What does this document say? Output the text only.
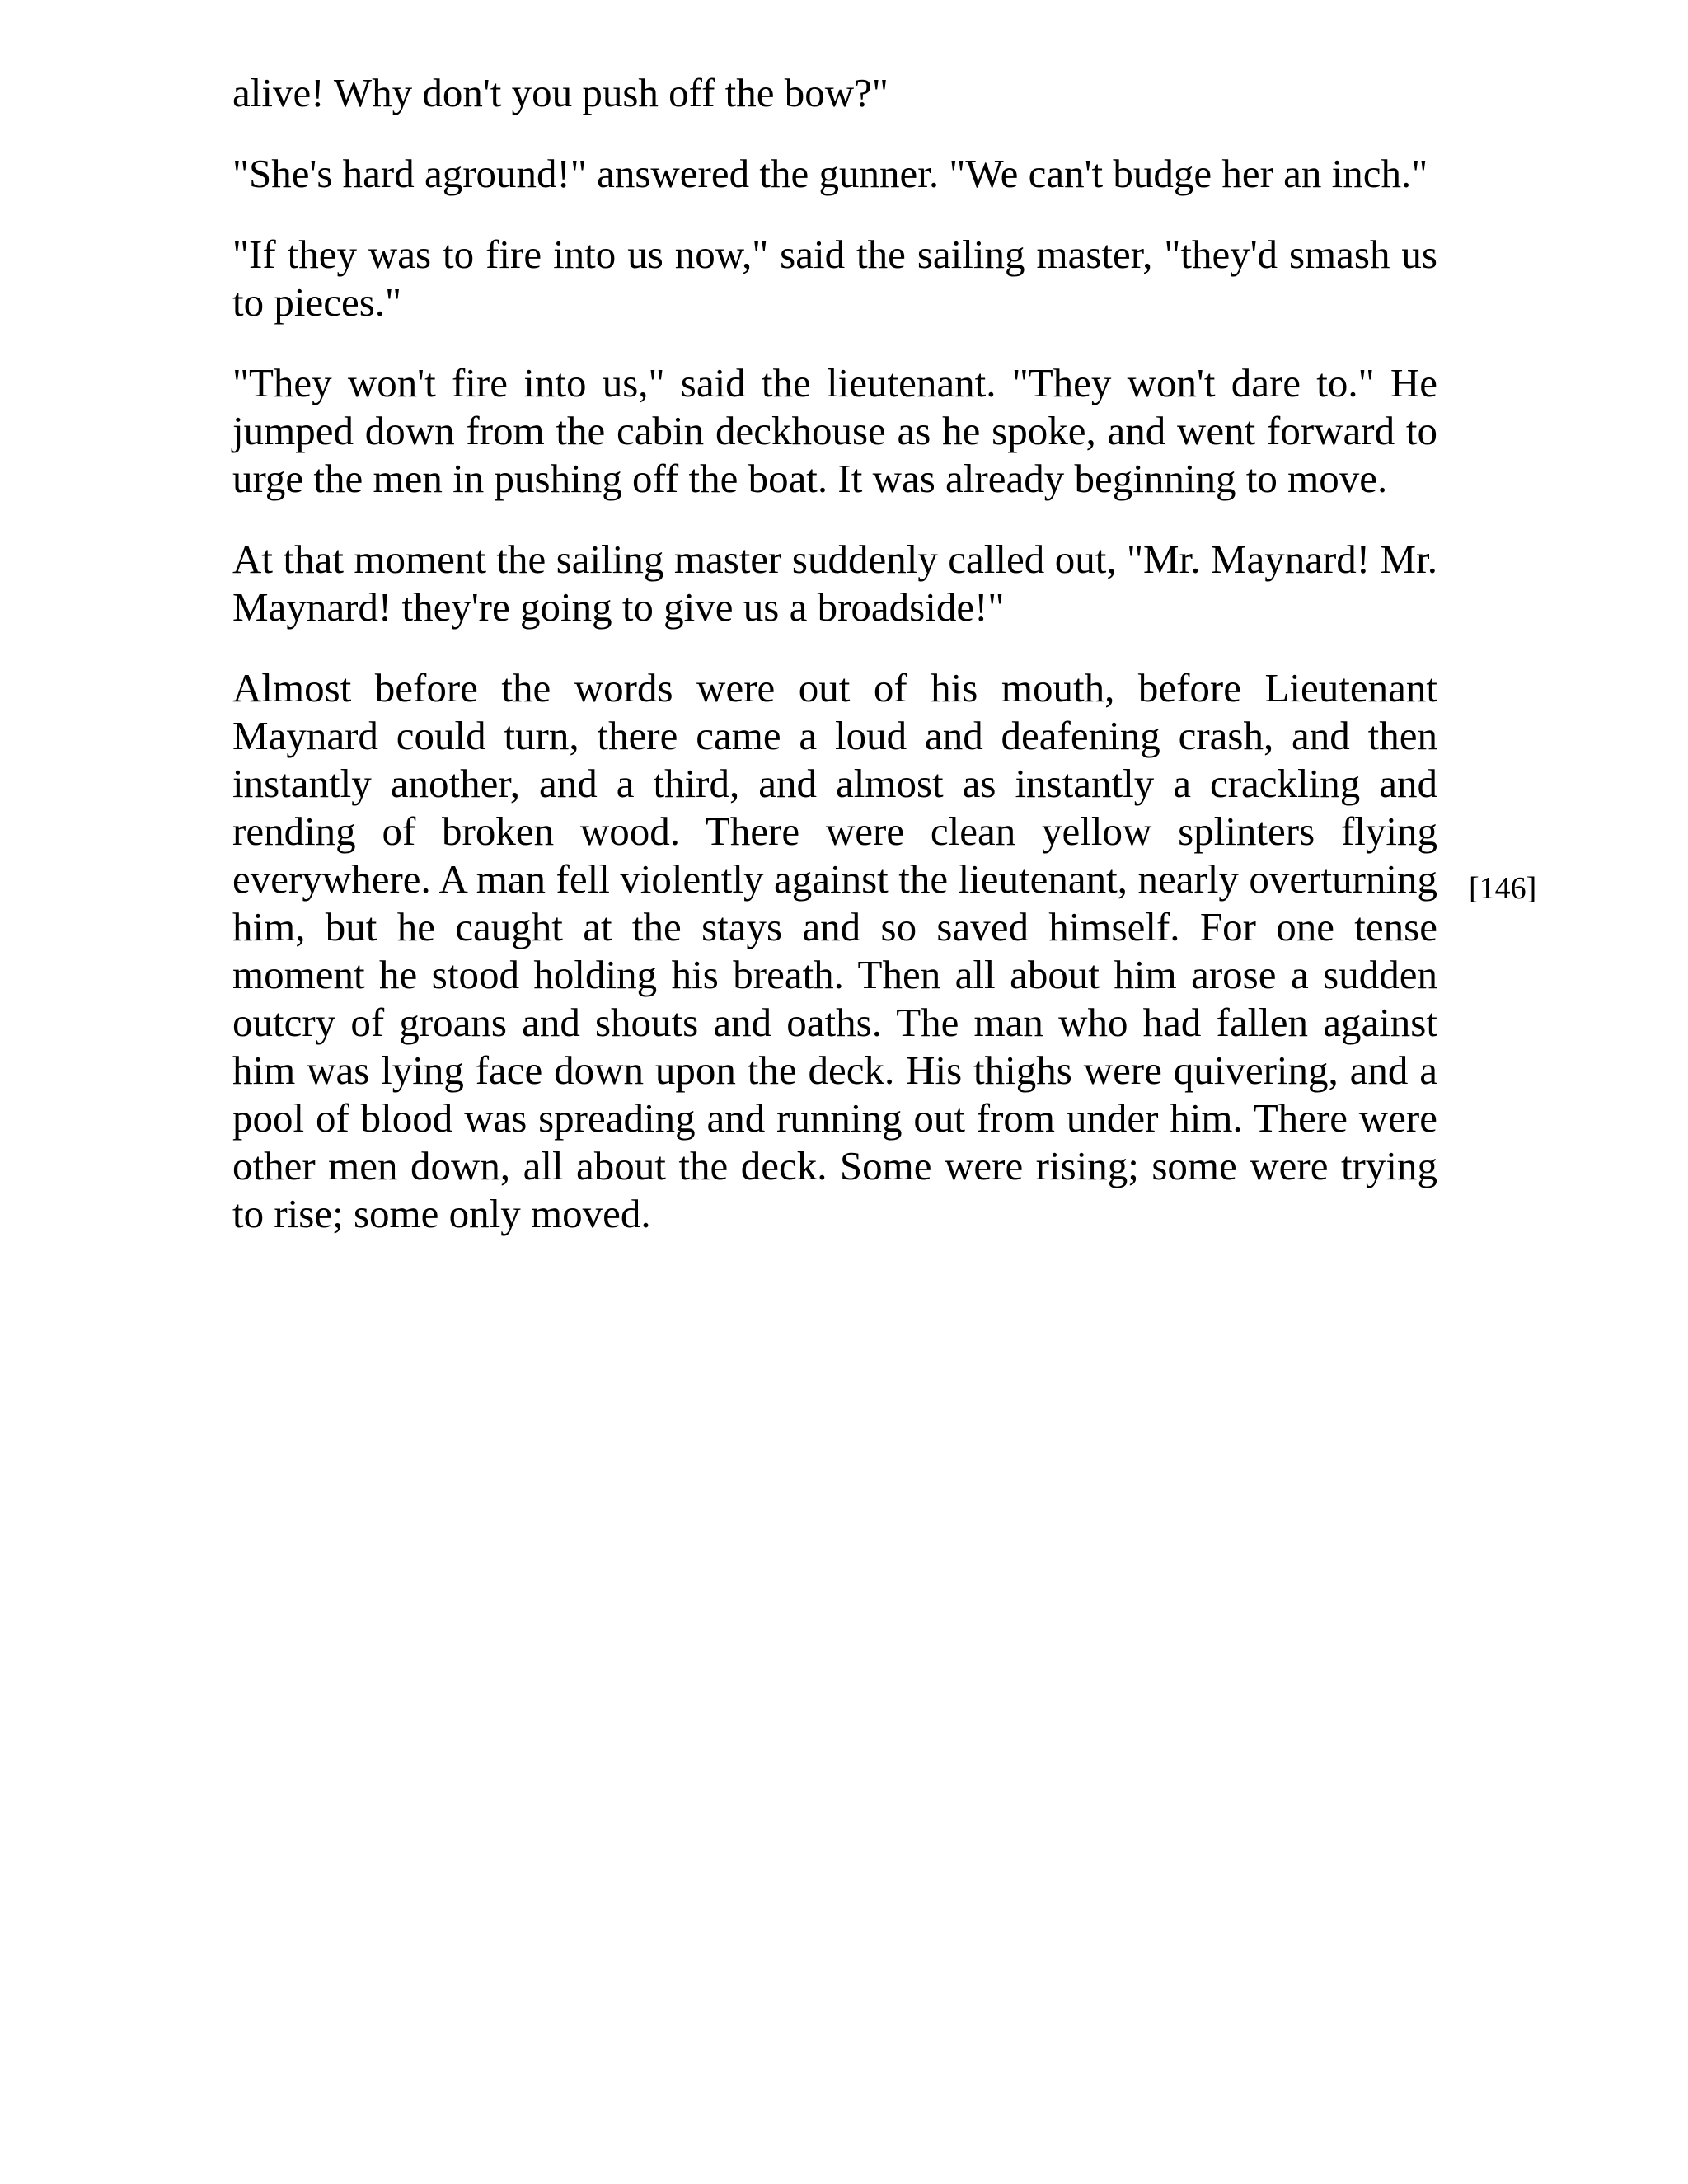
alive! Why don't you push off the bow?"

"She's hard aground!" answered the gunner. "We can't budge her an inch."

"If they was to fire into us now," said the sailing master, "they'd smash us to pieces."

"They won't fire into us," said the lieutenant. "They won't dare to." He jumped down from the cabin deckhouse as he spoke, and went forward to urge the men in pushing off the boat. It was already beginning to move.

At that moment the sailing master suddenly called out, "Mr. Maynard! Mr. Maynard! they're going to give us a broadside!"

Almost before the words were out of his mouth, before Lieutenant Maynard could turn, there came a loud and deafening crash, and then instantly another, and a third, and almost as instantly a crackling and rending of broken wood. There were clean yellow splinters flying everywhere. A man fell violently against the lieutenant, nearly overturning him, but he caught at the stays and so saved himself. For one tense moment he stood holding his breath. Then all about him arose a sudden outcry of groans and shouts and oaths. The man who had fallen against him was lying face down upon the deck. His thighs were quivering, and a pool of blood was spreading and running out from under him. There were other men down, all about the deck. Some were rising; some were trying to rise; some only moved.

[146]
